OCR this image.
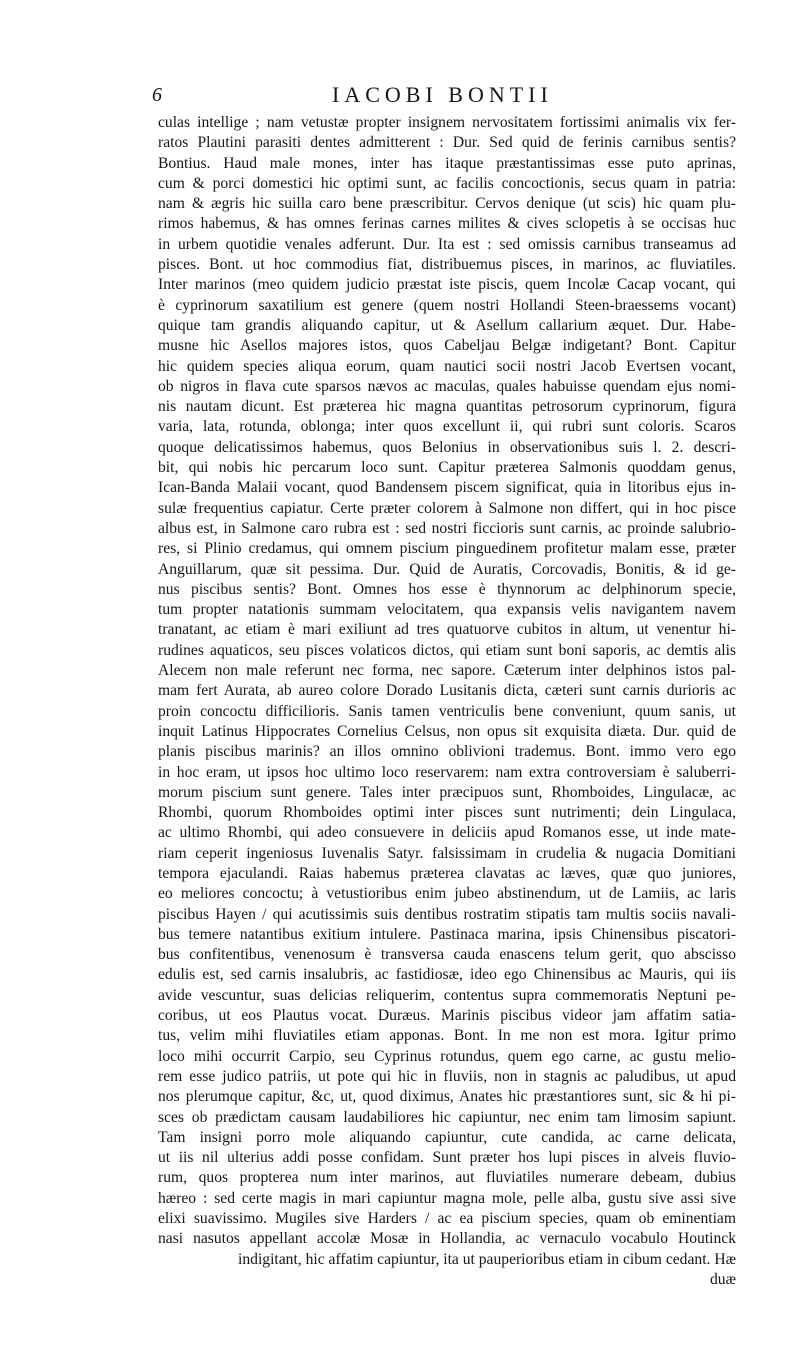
6	IACOBI BONTII
culas intellige ; nam vetustæ propter insignem nervositatem fortissimi animalis vix fer-
ratos Plautini parasiti dentes admitterent : Dur. Sed quid de ferinis carnibus sentis?
Bontius. Haud male mones, inter has itaque præstantissimas esse puto aprinas,
cum & porci domestici hic optimi sunt, ac facilis concoctionis, secus quam in patria:
nam & ægris hic suilla caro bene præscribitur. Cervos denique (ut scis) hic quam plu-
rimos habemus, & has omnes ferinas carnes milites & cives sclopetis à se occisas huc
in urbem quotidie venales adferunt. Dur. Ita est : sed omissis carnibus transeamus ad
pisces. Bont. ut hoc commodius fiat, distribuemus pisces, in marinos, ac fluviatiles.
Inter marinos (meo quidem judicio præstat iste piscis, quem Incolæ Cacap vocant, qui
è cyprinorum saxatilium est genere (quem nostri Hollandi Steen-braessems vocant)
quique tam grandis aliquando capitur, ut & Asellum callarium æquet. Dur. Habe-
musne hic Asellos majores istos, quos Cabeljau Belgæ indigetant? Bont. Capitur
hic quidem species aliqua eorum, quam nautici socii nostri Jacob Evertsen vocant,
ob nigros in flava cute sparsos nævos ac maculas, quales habuisse quendam ejus nomi-
nis nautam dicunt. Est præterea hic magna quantitas petrosorum cyprinorum, figura
varia, lata, rotunda, oblonga; inter quos excellunt ii, qui rubri sunt coloris. Scaros
quoque delicatissimos habemus, quos Belonius in observationibus suis l. 2. descri-
bit, qui nobis hic percarum loco sunt. Capitur præterea Salmonis quoddam genus,
Ican-Banda Malaii vocant, quod Bandensem piscem significat, quia in litoribus ejus in-
sulæ frequentius capiatur. Certe præter colorem à Salmone non differt, qui in hoc pisce
albus est, in Salmone caro rubra est : sed nostri ficcioris sunt carnis, ac proinde salubrio-
res, si Plinio credamus, qui omnem piscium pinguedinem profitetur malam esse, præter
Anguillarum, quæ sit pessima. Dur. Quid de Auratis, Corcovadis, Bonitis, & id ge-
nus piscibus sentis? Bont. Omnes hos esse è thynnorum ac delphinorum specie,
tum propter natationis summam velocitatem, qua expansis velis navigantem navem
tranatant, ac etiam è mari exiliunt ad tres quatuorve cubitos in altum, ut venentur hi-
rudines aquaticos, seu pisces volaticos dictos, qui etiam sunt boni saporis, ac demtis alis
Alecem non male referunt nec forma, nec sapore. Cæterum inter delphinos istos pal-
mam fert Aurata, ab aureo colore Dorado Lusitanis dicta, cæteri sunt carnis durioris ac
proin concoctu difficilioris. Sanis tamen ventriculis bene conveniunt, quum sanis, ut
inquit Latinus Hippocrates Cornelius Celsus, non opus sit exquisita diæta. Dur. quid de
planis piscibus marinis? an illos omnino oblivioni trademus. Bont. immo vero ego
in hoc eram, ut ipsos hoc ultimo loco reservarem: nam extra controversiam è saluberri-
morum piscium sunt genere. Tales inter præcipuos sunt, Rhomboides, Lingulacæ, ac
Rhombi, quorum Rhomboides optimi inter pisces sunt nutrimenti; dein Lingulaca,
ac ultimo Rhombi, qui adeo consuevere in deliciis apud Romanos esse, ut inde mate-
riam ceperit ingeniosus Iuvenalis Satyr. falsissimam in crudelia & nugacia Domitiani
tempora ejaculandi. Raias habemus præterea clavatas ac læves, quæ quo juniores,
eo meliores concoctu; à vetustioribus enim jubeo abstinendum, ut de Lamiis, ac laris
piscibus Hayen / qui acutissimis suis dentibus rostratim stipatis tam multis sociis navali-
bus temere natantibus exitium intulere. Pastinaca marina, ipsis Chinensibus piscatori-
bus confitentibus, venenosum è transversa cauda enascens telum gerit, quo abscisso
edulis est, sed carnis insalubris, ac fastidiosæ, ideo ego Chinensibus ac Mauris, qui iis
avide vescuntur, suas delicias reliquerim, contentus supra commemoratis Neptuni pe-
coribus, ut eos Plautus vocat. Duræus. Marinis piscibus videor jam affatim satia-
tus, velim mihi fluviatiles etiam apponas. Bont. In me non est mora. Igitur primo
loco mihi occurrit Carpio, seu Cyprinus rotundus, quem ego carne, ac gustu melio-
rem esse judico patriis, ut pote qui hic in fluviis, non in stagnis ac paludibus, ut apud
nos plerumque capitur, &c, ut, quod diximus, Anates hic præstantiores sunt, sic & hi pi-
sces ob prædictam causam laudabiliores hic capiuntur, nec enim tam limosim sapiunt.
Tam insigni porro mole aliquando capiuntur, cute candida, ac carne delicata,
ut iis nil ulterius addi posse confidam. Sunt præter hos lupi pisces in alveis fluvio-
rum, quos propterea num inter marinos, aut fluviatiles numerare debeam, dubius
hæreo : sed certe magis in mari capiuntur magna mole, pelle alba, gustu sive assi sive
elixi suavissimo. Mugiles sive Harders / ac ea piscium species, quam ob eminentiam
nasi nasutos appellant accolæ Mosæ in Hollandia, ac vernaculo vocabulo Houtinck
indigitant, hic affatim capiuntur, ita ut pauperioribus etiam in cibum cedant. Hæ
duæ
